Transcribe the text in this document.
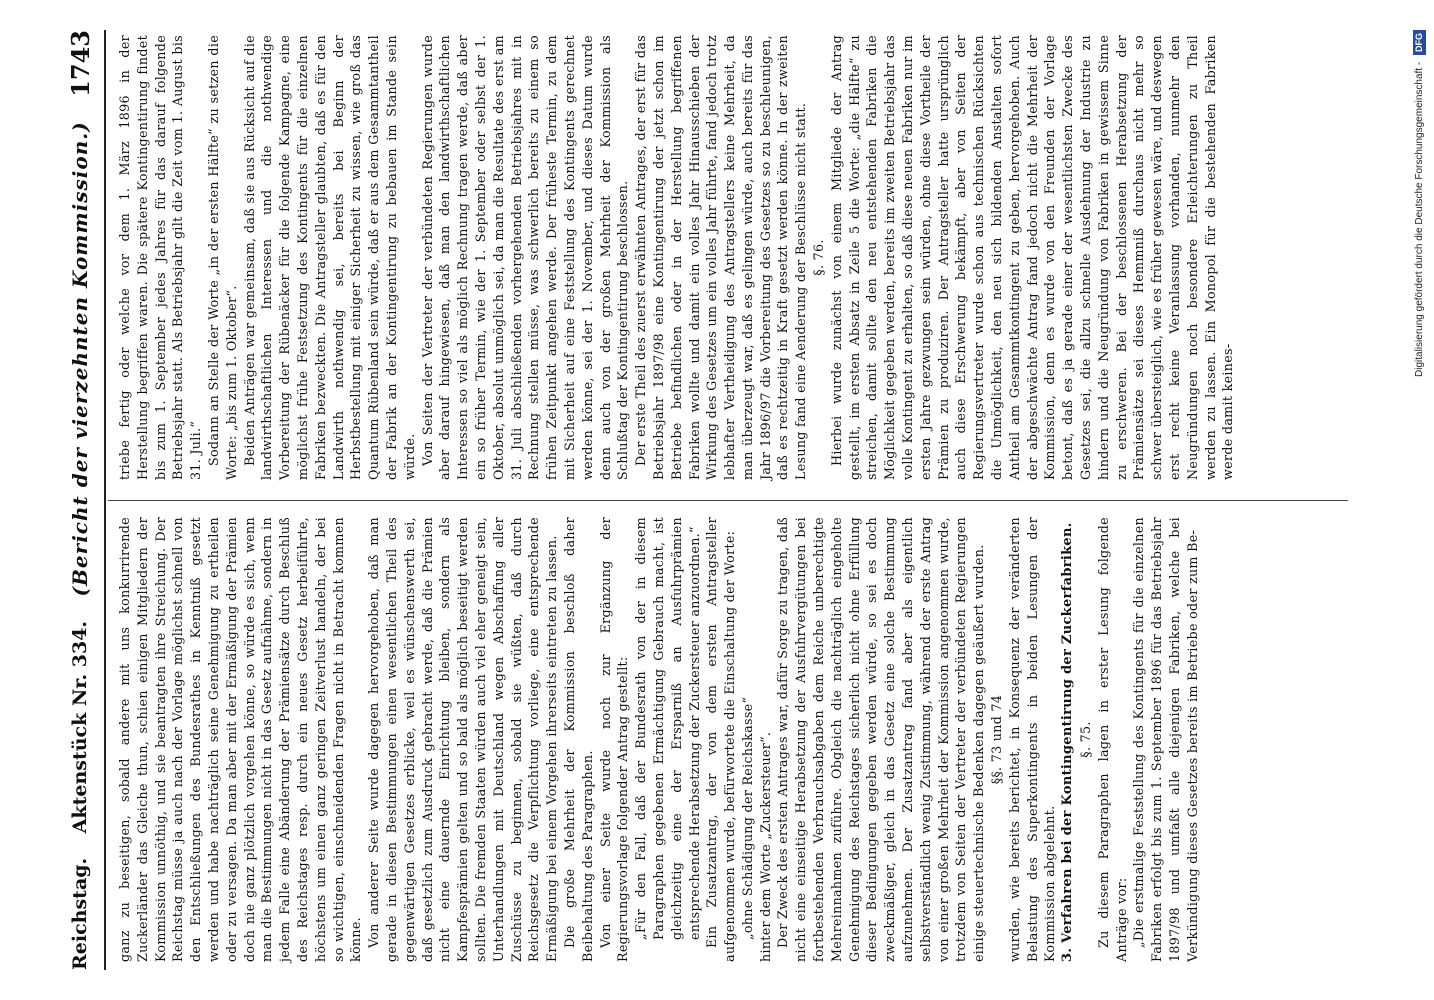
Reichstag.
Aktenstück Nr. 334.
(Bericht der vierzehnten Kommission.)
1743

ganz zu beseitigen, sobald andere mit uns konkurrirende Zuckerländer das Gleiche thun, schien einigen Mitgliedern der Kommission unnöthig, und sie beantragten ihre Streichung. Der Reichstag müsse ja auch nach der Vorlage möglichst schnell von den Entschließungen des Bundesrathes in Kenntniß gesetzt werden und habe nachträglich seine Genehmigung zu ertheilen oder zu versagen. Da man aber mit der Ermäßigung der Prämien doch nie ganz plötzlich vorgehen könne, so würde es sich, wenn man die Bestimmungen nicht in das Gesetz aufnähme, sondern in jedem Falle eine Abänderung der Prämiensätze durch Beschluß des Reichstages resp. durch ein neues Gesetz herbeiführte, höchstens um einen ganz geringen Zeitverlust handeln, der bei so wichtigen, einschneidenden Fragen nicht in Betracht kommen könne. Von anderer Seite wurde dagegen hervorgehoben, daß man gerade in diesen Bestimmungen einen wesentlichen Theil des gegenwärtigen Gesetzes erblicke, weil es wünschenswerth sei, daß gesetzlich zum Ausdruck gebracht werde, daß die Prämien nicht eine dauernde Einrichtung bleiben, sondern als Kampfesprämien gelten und so bald als möglich beseitigt werden sollten. Die fremden Staaten würden auch viel eher geneigt sein, Unterhandlungen mit Deutschland wegen Abschaffung aller Zuschüsse zu beginnen, sobald sie wüßten, daß durch Reichsgesetz die Verpflichtung vorliege, eine entsprechende Ermäßigung bei einem Vorgehen ihrerseits eintreten zu lassen. Die große Mehrheit der Kommission beschloß daher Beibehaltung des Paragraphen. Von einer Seite wurde noch zur Ergänzung der Regierungsvorlage folgender Antrag gestellt: „Für den Fall, daß der Bundesrath von der in diesem Paragraphen gegebenen Ermächtigung Gebrauch macht, ist gleichzeitig eine der Ersparniß an Ausfuhrprämien entsprechende Herabsetzung der Zuckersteuer anzuordnen.“ Ein Zusatzantrag, der von dem ersten Antragsteller aufgenommen wurde, befürwortete die Einschaltung der Worte: „ohne Schädigung der Reichskasse“ hinter dem Worte „Zuckersteuer“. Der Zweck des ersten Antrages war, dafür Sorge zu tragen, daß nicht eine einseitige Herabsetzung der Ausfuhrvergütungen bei fortbestehenden Verbrauchsabgaben dem Reiche unberechtigte Mehreinnahmen zuführe. Obgleich die nachträglich eingeholte Genehmigung des Reichstages sicherlich nicht ohne Erfüllung dieser Bedingungen gegeben werden würde, so sei es doch zweckmäßiger, gleich in das Gesetz eine solche Bestimmung aufzunehmen. Der Zusatzantrag fand aber als eigentlich selbstverständlich wenig Zustimmung, während der erste Antrag von einer großen Mehrheit der Kommission angenommen wurde, trotzdem von Seiten der Vertreter der verbündeten Regierungen einige steuertechnische Bedenken dagegen geäußert wurden. §§. 73 und 74 wurden, wie bereits berichtet, in Konsequenz der veränderten Belastung des Superkontingents in beiden Lesungen der Kommission abgelehnt. 3. Verfahren bei der Kontingentirung der Zuckerfabriken. §. 75. Zu diesem Paragraphen lagen in erster Lesung folgende Anträge vor: „Die erstmalige Feststellung des Kontingents für die einzelnen Fabriken erfolgt bis zum 1. September 1896 für das Betriebsjahr 1897/98 und umfaßt alle diejenigen Fabriken, welche bei Verkündigung dieses Gesetzes bereits im Betriebe oder zum Be-

triebe fertig oder welche vor dem 1. März 1896 in der Herstellung begriffen waren. Die spätere Kontingentirung findet bis zum 1. September jedes Jahres für das darauf folgende Betriebsjahr statt. Als Betriebsjahr gilt die Zeit vom 1. August bis 31. Juli.“ Sodann an Stelle der Worte „in der ersten Hälfte“ zu setzen die Worte: „bis zum 1. Oktober“. Beiden Anträgen war gemeinsam, daß sie aus Rücksicht auf die landwirthschaftlichen Interessen und die nothwendige Vorbereitung der Rübenäcker für die folgende Kampagne, eine möglichst frühe Festsetzung des Kontingents für die einzelnen Fabriken bezweckten. Die Antragsteller glaubten, daß es für den Landwirth nothwendig sei, bereits bei Beginn der Herbstbestellung mit einiger Sicherheit zu wissen, wie groß das Quantum Rübenland sein würde, daß er aus dem Gesammtantheil der Fabrik an der Kontingentirung zu bebauen im Stande sein würde. Von Seiten der Vertreter der verbündeten Regierungen wurde aber darauf hingewiesen, daß man den landwirthschaftlichen Interessen so viel als möglich Rechnung tragen werde, daß aber ein so früher Termin, wie der 1. September oder selbst der 1. Oktober, absolut unmöglich sei, da man die Resultate des erst am 31. Juli abschließenden vorhergehenden Betriebsjahres mit in Rechnung stellen müsse, was schwerlich bereits zu einem so frühen Zeitpunkt angehen werde. Der früheste Termin, zu dem mit Sicherheit auf eine Feststellung des Kontingents gerechnet werden könne, sei der 1. November, und dieses Datum wurde denn auch von der großen Mehrheit der Kommission als Schlußtag der Kontingentirung beschlossen. Der erste Theil des zuerst erwähnten Antrages, der erst für das Betriebsjahr 1897/98 eine Kontingentirung der jetzt schon im Betriebe befindlichen oder in der Herstellung begriffenen Fabriken wollte und damit ein volles Jahr Hinausschieben der Wirkung des Gesetzes um ein volles Jahr führte, fand jedoch trotz lebhafter Vertheidigung des Antragstellers keine Mehrheit, da man überzeugt war, daß es gelingen würde, auch bereits für das Jahr 1896/97 die Vorbereitung des Gesetzes so zu beschleunigen, daß es rechtzeitig in Kraft gesetzt werden könne. In der zweiten Lesung fand eine Aenderung der Beschlüsse nicht statt. §. 76. Hierbei wurde zunächst von einem Mitgliede der Antrag gestellt, im ersten Absatz in Zeile 5 die Worte: „die Hälfte“ zu streichen, damit sollte den neu entstehenden Fabriken die Möglichkeit gegeben werden, bereits im zweiten Betriebsjahr das volle Kontingent zu erhalten, so daß diese neuen Fabriken nur im ersten Jahre gezwungen sein würden, ohne diese Vortheile der Prämien zu produziren. Der Antragsteller hatte ursprünglich auch diese Erschwerung bekämpft, aber von Seiten der Regierungsvertreter wurde schon aus technischen Rücksichten die Unmöglichkeit, den neu sich bildenden Anstalten sofort Antheil am Gesammtkontingent zu geben, hervorgehoben. Auch der abgeschwächte Antrag fand jedoch nicht die Mehrheit der Kommission, denn es wurde von den Freunden der Vorlage betont, daß es ja gerade einer der wesentlichsten Zwecke des Gesetzes sei, die allzu schnelle Ausdehnung der Industrie zu hindern und die Neugründung von Fabriken in gewissem Sinne zu erschweren. Bei der beschlossenen Herabsetzung der Prämiensätze sei dieses Hemmniß durchaus nicht mehr so schwer übersteiglich, wie es früher gewesen wäre, und deswegen erst recht keine Veranlassung vorhanden, nunmehr den Neugründungen noch besondere Erleichterungen zu Theil werden zu lassen. Ein Monopol für die bestehenden Fabriken werde damit keines-

Digitalisierung gefördert durch die Deutsche Forschungsgemeinschaft - DFG
